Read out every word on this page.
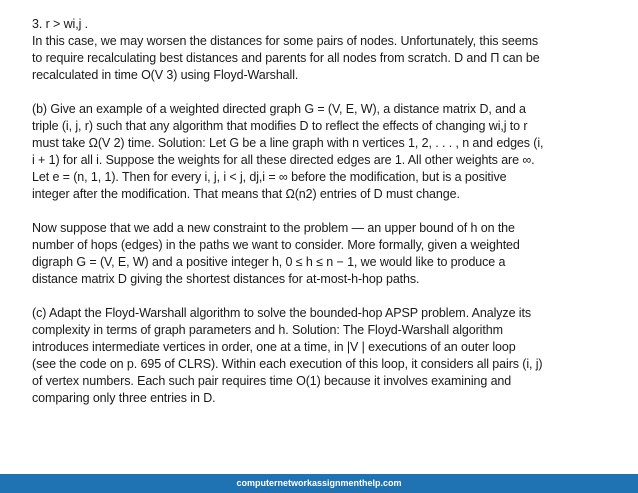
3. r > wi,j .
In this case, we may worsen the distances for some pairs of nodes. Unfortunately, this seems
to require recalculating best distances and parents for all nodes from scratch. D and Π can be
recalculated in time O(V 3) using Floyd-Warshall.
(b) Give an example of a weighted directed graph G = (V, E, W), a distance matrix D, and a
triple (i, j, r) such that any algorithm that modifies D to reflect the effects of changing wi,j to r
must take Ω(V 2) time. Solution: Let G be a line graph with n vertices 1, 2, . . . , n and edges (i,
i + 1) for all i. Suppose the weights for all these directed edges are 1. All other weights are ∞.
Let e = (n, 1, 1). Then for every i, j, i < j, dj,i = ∞ before the modification, but is a positive
integer after the modification. That means that Ω(n2) entries of D must change.
Now suppose that we add a new constraint to the problem — an upper bound of h on the
number of hops (edges) in the paths we want to consider. More formally, given a weighted
digraph G = (V, E, W) and a positive integer h, 0 ≤ h ≤ n − 1, we would like to produce a
distance matrix D giving the shortest distances for at-most-h-hop paths.
(c) Adapt the Floyd-Warshall algorithm to solve the bounded-hop APSP problem. Analyze its
complexity in terms of graph parameters and h. Solution: The Floyd-Warshall algorithm
introduces intermediate vertices in order, one at a time, in |V | executions of an outer loop
(see the code on p. 695 of CLRS). Within each execution of this loop, it considers all pairs (i, j)
of vertex numbers. Each such pair requires time O(1) because it involves examining and
comparing only three entries in D.
computernetworkassignmenthelp.com
